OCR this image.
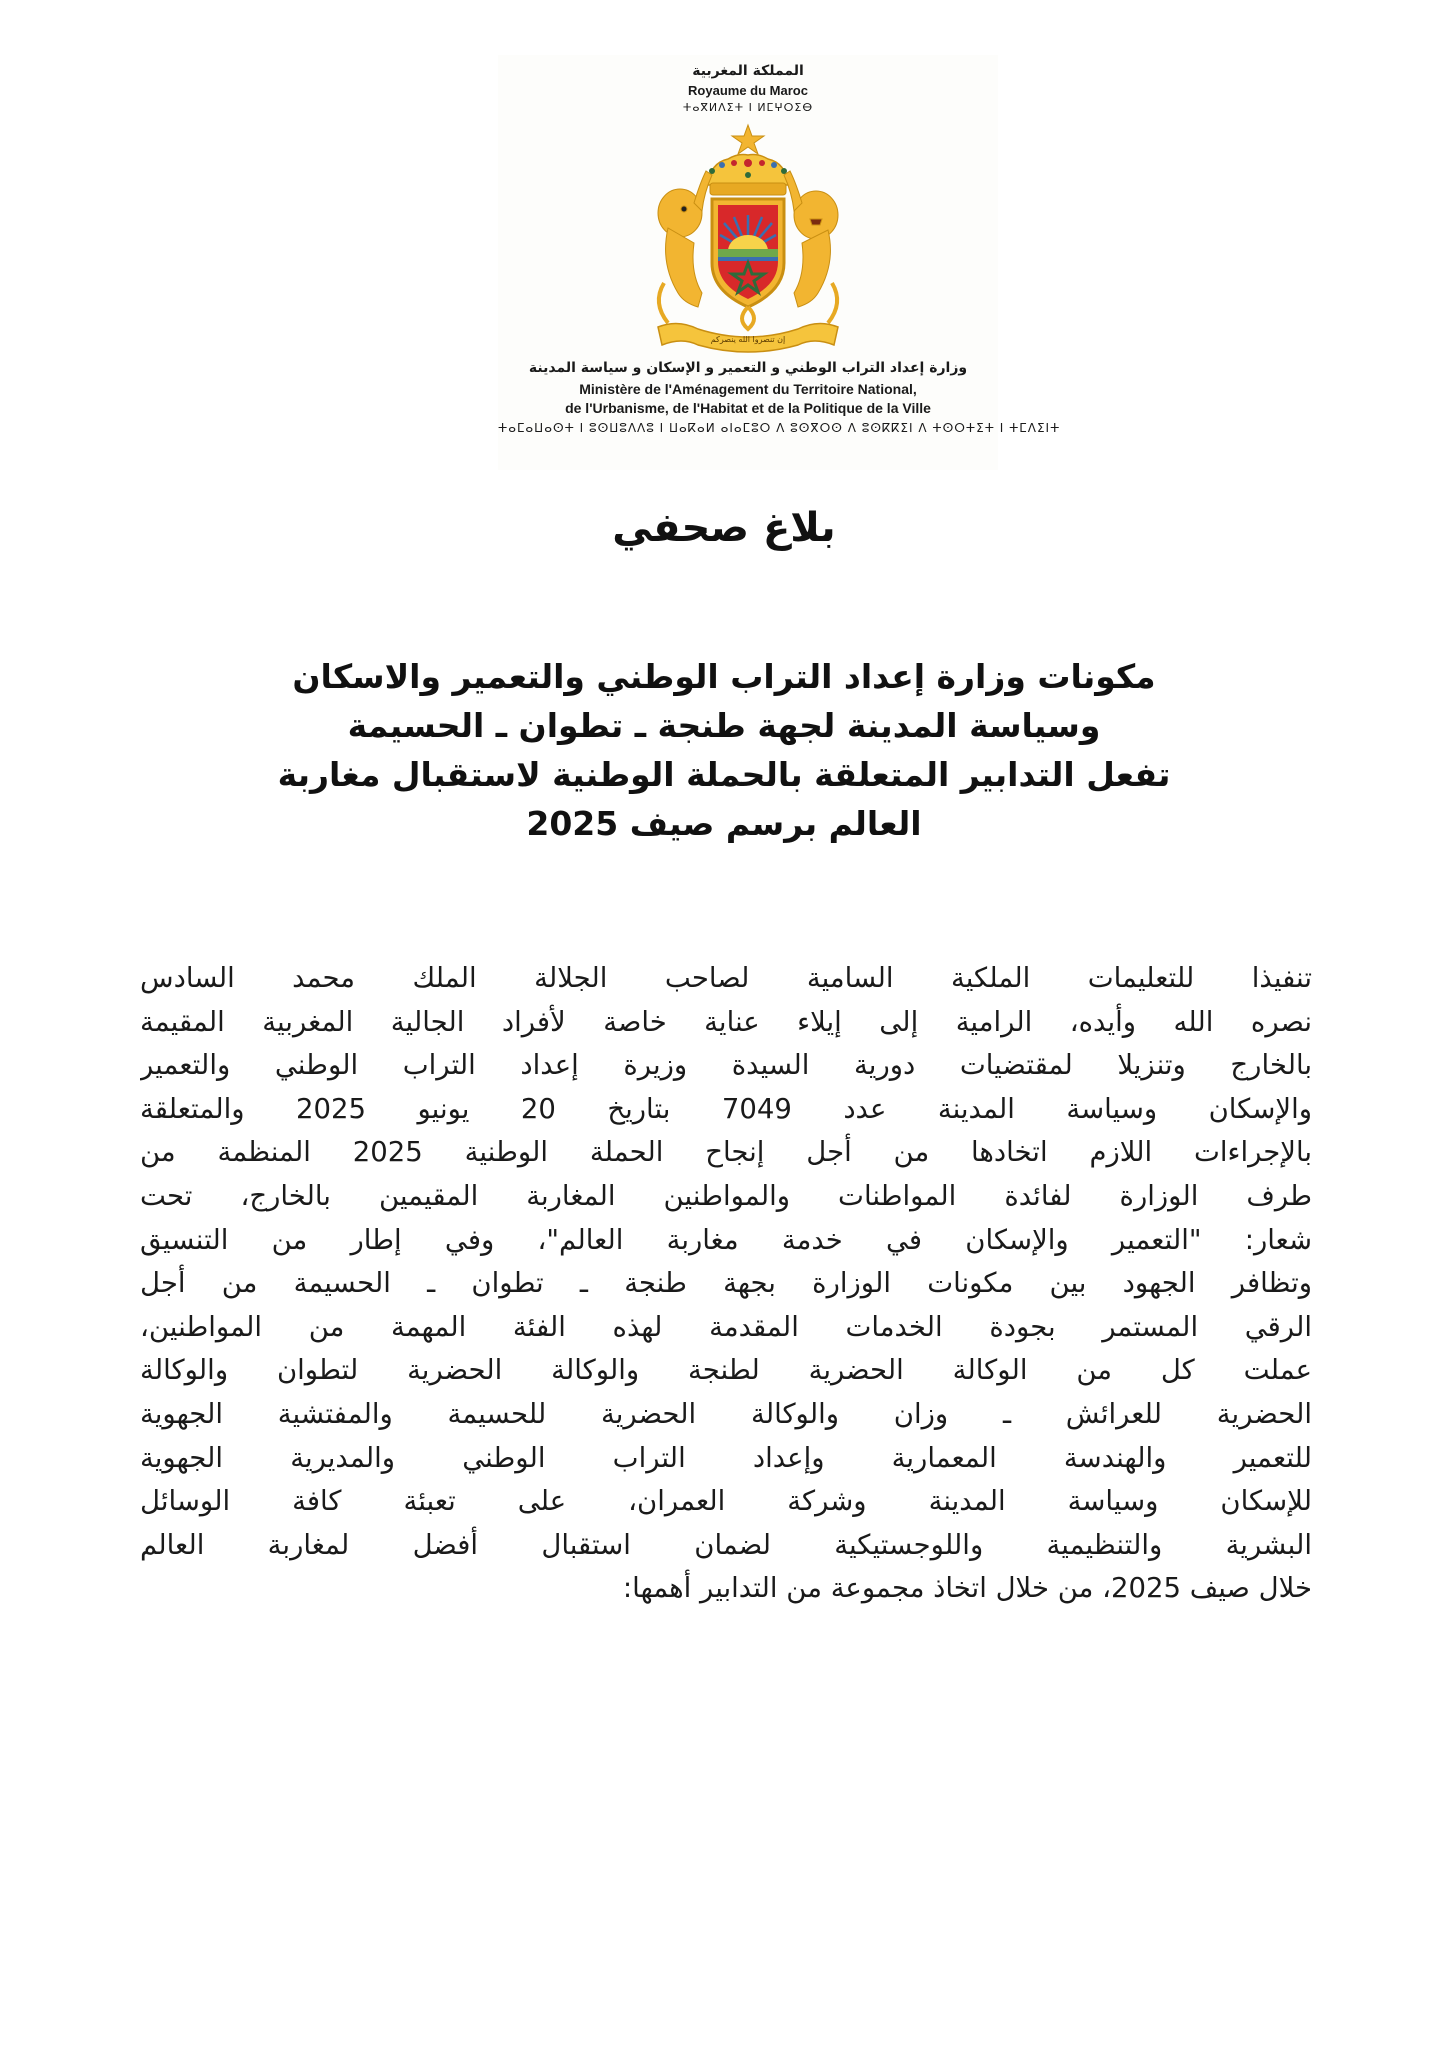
المملكة المغربية
Royaume du Maroc
ⵜⴰⴳⵍⴷⵉⵜ ⵏ ⵍⵎⵖⵔⵉⴱ
إن تنصروا الله ينصركم
وزارة إعداد التراب الوطني و التعمير و الإسكان و سياسة المدينة
Ministère de l'Aménagement du Territoire National,
de l'Urbanisme, de l'Habitat et de la Politique de la Ville
ⵜⴰⵎⴰⵡⴰⵙⵜ ⵏ ⵓⵙⵡⵓⴷⴷⵓ ⵏ ⵡⴰⴽⴰⵍ ⴰⵏⴰⵎⵓⵔ ⴷ ⵓⵙⴳⵔⵙ ⴷ ⵓⵙⴽⴽⵉⵏ ⴷ ⵜⵙⵔⵜⵉⵜ ⵏ ⵜⵎⴷⵉⵏⵜ
بلاغ صحفي
مكونات وزارة إعداد التراب الوطني والتعمير والاسكان
وسياسة المدينة لجهة طنجة ـ تطوان ـ الحسيمة
تفعل التدابير المتعلقة بالحملة الوطنية لاستقبال مغاربة
العالم برسم صيف 2025
تنفيذا للتعليمات الملكية السامية لصاحب الجلالة الملك محمد السادس
نصره الله وأيده، الرامية إلى إيلاء عناية خاصة لأفراد الجالية المغربية المقيمة
بالخارج وتنزيلا لمقتضيات دورية السيدة وزيرة إعداد التراب الوطني والتعمير
والإسكان وسياسة المدينة عدد 7049 بتاريخ 20 يونيو 2025 والمتعلقة
بالإجراءات اللازم اتخادها من أجل إنجاح الحملة الوطنية 2025 المنظمة من
طرف الوزارة لفائدة المواطنات والمواطنين المغاربة المقيمين بالخارج، تحت
شعار: "التعمير والإسكان في خدمة مغاربة العالم"، وفي إطار من التنسيق
وتظافر الجهود بين مكونات الوزارة بجهة طنجة ـ تطوان ـ الحسيمة من أجل
الرقي المستمر بجودة الخدمات المقدمة لهذه الفئة المهمة من المواطنين،
عملت كل من الوكالة الحضرية لطنجة والوكالة الحضرية لتطوان والوكالة
الحضرية للعرائش ـ وزان والوكالة الحضرية للحسيمة والمفتشية الجهوية
للتعمير والهندسة المعمارية وإعداد التراب الوطني والمديرية الجهوية
للإسكان وسياسة المدينة وشركة العمران، على تعبئة كافة الوسائل
البشرية والتنظيمية واللوجستيكية لضمان استقبال أفضل لمغاربة العالم
خلال صيف 2025، من خلال اتخاذ مجموعة من التدابير أهمها:
